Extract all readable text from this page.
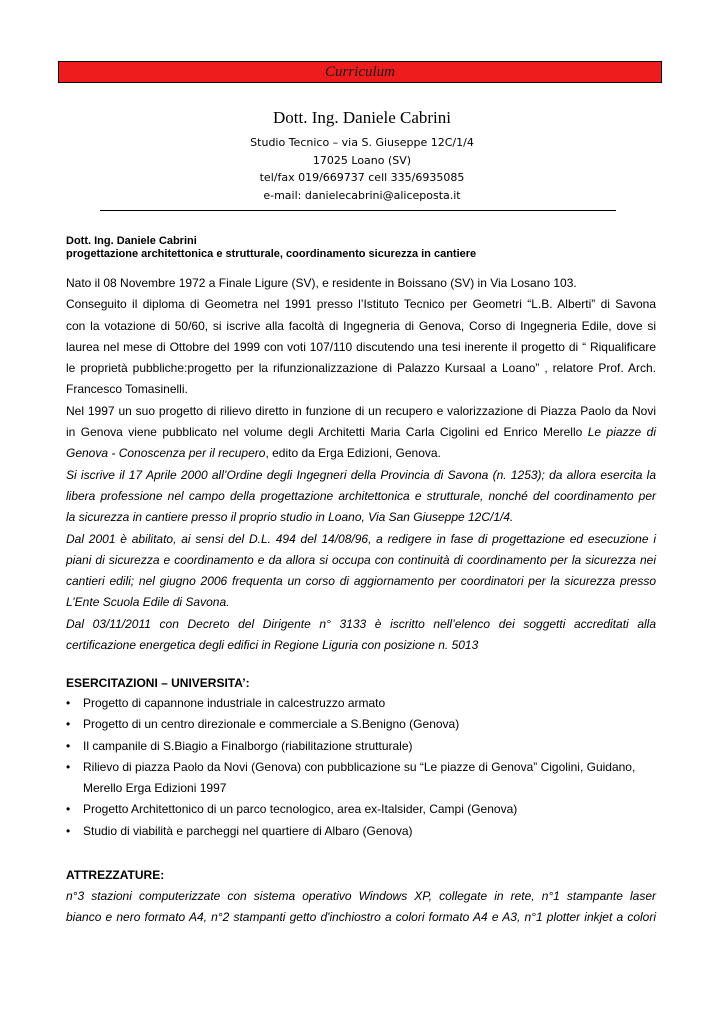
Curriculum
Dott. Ing. Daniele Cabrini
Studio Tecnico – via S. Giuseppe 12C/1/4
17025 Loano (SV)
tel/fax 019/669737 cell 335/6935085
e-mail: danielecabrini@aliceposta.it
Dott. Ing. Daniele Cabrini
progettazione architettonica e strutturale, coordinamento sicurezza in cantiere
Nato il 08 Novembre 1972 a Finale Ligure (SV), e residente in Boissano (SV) in Via Losano 103.
Conseguito il diploma di Geometra nel 1991 presso l’Istituto Tecnico per Geometri “L.B. Alberti” di Savona
con la votazione di 50/60, si iscrive alla facoltà di Ingegneria di Genova, Corso di Ingegneria Edile, dove si
laurea nel mese di Ottobre del 1999 con voti 107/110 discutendo una tesi inerente il progetto di “ Riqualificare
le proprietà pubbliche:progetto per la rifunzionalizzazione di Palazzo Kursaal a Loano” , relatore Prof. Arch.
Francesco Tomasinelli.
Nel 1997 un suo progetto di rilievo diretto in funzione di un recupero e valorizzazione di Piazza Paolo da Novi
in Genova viene pubblicato nel volume degli Architetti Maria Carla Cigolini ed Enrico Merello Le piazze di
Genova - Conoscenza per il recupero, edito da Erga Edizioni, Genova.
Si iscrive il 17 Aprile 2000 all’Ordine degli Ingegneri della Provincia di Savona (n. 1253); da allora esercita la
libera professione nel campo della progettazione architettonica e strutturale, nonché del coordinamento per
la sicurezza in cantiere presso il proprio studio in Loano, Via San Giuseppe 12C/1/4.
Dal 2001 è abilitato, ai sensi del D.L. 494 del 14/08/96, a redigere in fase di progettazione ed esecuzione i
piani di sicurezza e coordinamento e da allora si occupa con continuità di coordinamento per la sicurezza nei
cantieri edili; nel giugno 2006 frequenta un corso di aggiornamento per coordinatori per la sicurezza presso
L’Ente Scuola Edile di Savona.
Dal 03/11/2011 con Decreto del Dirigente n° 3133 è iscritto nell’elenco dei soggetti accreditati alla
certificazione energetica degli edifici in Regione Liguria con posizione n. 5013
ESERCITAZIONI – UNIVERSITA’:
• Progetto di capannone industriale in calcestruzzo armato
• Progetto di un centro direzionale e commerciale a S.Benigno (Genova)
• Il campanile di S.Biagio a Finalborgo (riabilitazione strutturale)
• Rilievo di piazza Paolo da Novi (Genova) con pubblicazione su “Le piazze di Genova” Cigolini, Guidano,
Merello Erga Edizioni 1997
• Progetto Architettonico di un parco tecnologico, area ex-Italsider, Campi (Genova)
• Studio di viabilità e parcheggi nel quartiere di Albaro (Genova)
ATTREZZATURE:
n°3 stazioni computerizzate con sistema operativo Windows XP, collegate in rete, n°1 stampante laser
bianco e nero formato A4, n°2 stampanti getto d'inchiostro a colori formato A4 e A3, n°1 plotter inkjet a colori
